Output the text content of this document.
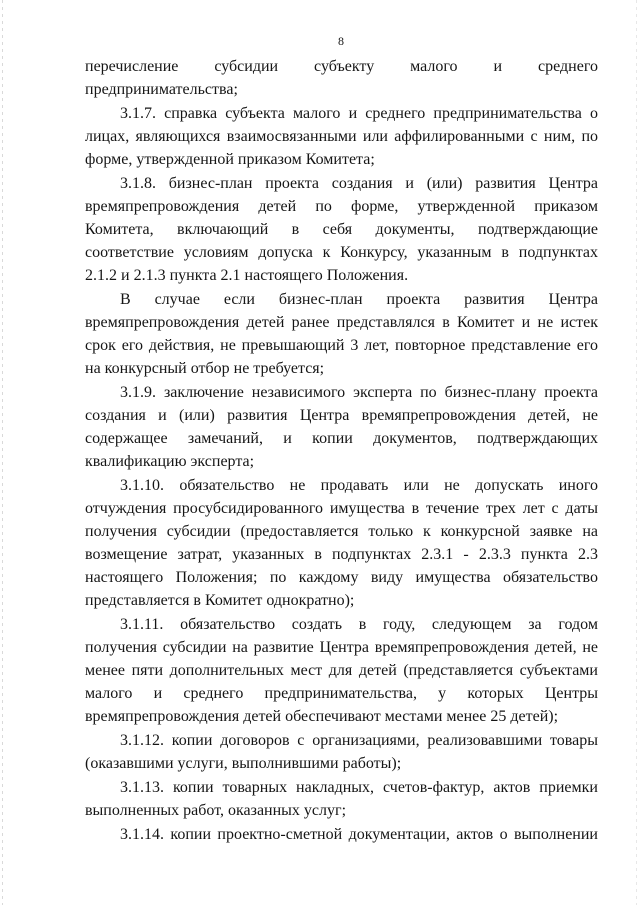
8
перечисление субсидии субъекту малого и среднего
предпринимательства;
3.1.7. справка субъекта малого и среднего предпринимательства о
лицах, являющихся взаимосвязанными или аффилированными с ним, по
форме, утвержденной приказом Комитета;
3.1.8. бизнес-план проекта создания и (или) развития Центра
времяпрепровождения детей по форме, утвержденной приказом
Комитета, включающий в себя документы, подтверждающие
соответствие условиям допуска к Конкурсу, указанным в подпунктах
2.1.2 и 2.1.3 пункта 2.1 настоящего Положения.
В случае если бизнес-план проекта развития Центра
времяпрепровождения детей ранее представлялся в Комитет и не истек
срок его действия, не превышающий 3 лет, повторное представление его
на конкурсный отбор не требуется;
3.1.9. заключение независимого эксперта по бизнес-плану проекта
создания и (или) развития Центра времяпрепровождения детей, не
содержащее замечаний, и копии документов, подтверждающих
квалификацию эксперта;
3.1.10. обязательство не продавать или не допускать иного
отчуждения просубсидированного имущества в течение трех лет с даты
получения субсидии (предоставляется только к конкурсной заявке на
возмещение затрат, указанных в подпунктах 2.3.1 - 2.3.3 пункта 2.3
настоящего Положения; по каждому виду имущества обязательство
представляется в Комитет однократно);
3.1.11. обязательство создать в году, следующем за годом
получения субсидии на развитие Центра времяпрепровождения детей, не
менее пяти дополнительных мест для детей (представляется субъектами
малого и среднего предпринимательства, у которых Центры
времяпрепровождения детей обеспечивают местами менее 25 детей);
3.1.12. копии договоров с организациями, реализовавшими товары
(оказавшими услуги, выполнившими работы);
3.1.13. копии товарных накладных, счетов-фактур, актов приемки
выполненных работ, оказанных услуг;
3.1.14. копии проектно-сметной документации, актов о выполнении
